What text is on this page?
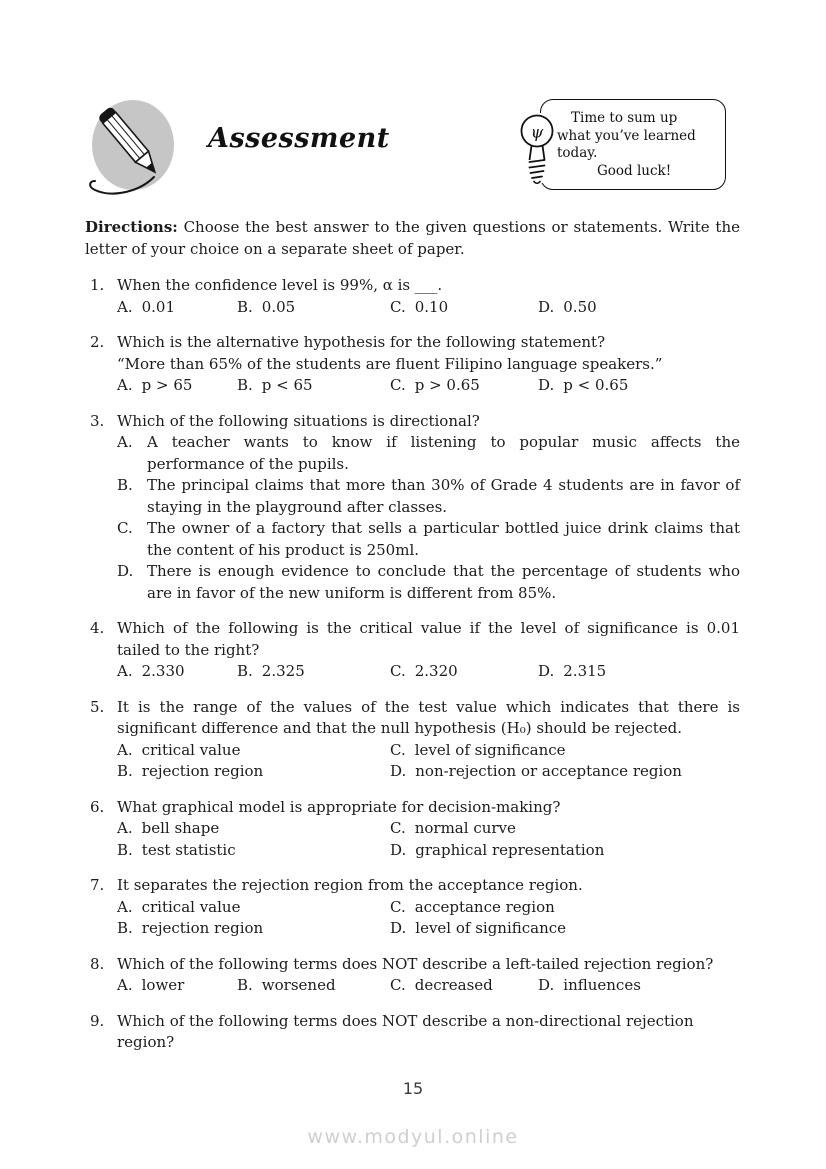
Assessment	ψ
Time to sum up
what you’ve learned
today.
Good luck!
Directions: Choose the best answer to the given questions or statements. Write the letter of your choice on a separate sheet of paper.
1. When the confidence level is 99%, α is ___.
A. 0.01	B. 0.05	C. 0.10	D. 0.50
2. Which is the alternative hypothesis for the following statement?
“More than 65% of the students are fluent Filipino language speakers.”
A. p > 65	B. p < 65	C. p > 0.65	D. p < 0.65
3. Which of the following situations is directional?
A. A teacher wants to know if listening to popular music affects the performance of the pupils.
B. The principal claims that more than 30% of Grade 4 students are in favor of staying in the playground after classes.
C. The owner of a factory that sells a particular bottled juice drink claims that the content of his product is 250ml.
D. There is enough evidence to conclude that the percentage of students who are in favor of the new uniform is different from 85%.
4. Which of the following is the critical value if the level of significance is 0.01 tailed to the right?
A. 2.330	B. 2.325	C. 2.320	D. 2.315
5. It is the range of the values of the test value which indicates that there is significant difference and that the null hypothesis (H₀) should be rejected.
A. critical value	C. level of significance
B. rejection region	D. non-rejection or acceptance region
6. What graphical model is appropriate for decision-making?
A. bell shape	C. normal curve
B. test statistic	D. graphical representation
7. It separates the rejection region from the acceptance region.
A. critical value	C. acceptance region
B. rejection region	D. level of significance
8. Which of the following terms does NOT describe a left-tailed rejection region?
A. lower	B. worsened	C. decreased	D. influences
9. Which of the following terms does NOT describe a non-directional rejection region?
15
www.modyul.online
